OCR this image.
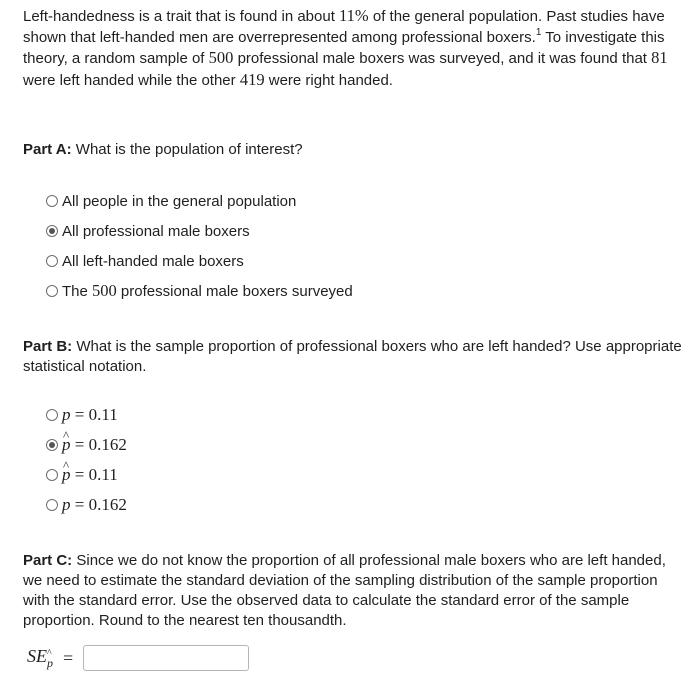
Left-handedness is a trait that is found in about 11% of the general population. Past studies have shown that left-handed men are overrepresented among professional boxers.$^1$ To investigate this theory, a random sample of 500 professional male boxers was surveyed, and it was found that 81 were left handed while the other 419 were right handed.

Part A: What is the population of interest?

All people in the general population
All professional male boxers
All left-handed male boxers
The 500 professional male boxers surveyed

Part B: What is the sample proportion of professional boxers who are left handed? Use appropriate statistical notation.

p = 0.11
^ p = 0.162
^ p = 0.11
p = 0.162

Part C: Since we do not know the proportion of all professional male boxers who are left handed, we need to estimate the standard deviation of the sampling distribution of the sample proportion with the standard error. Use the observed data to calculate the standard error of the sample proportion. Round to the nearest ten thousandth.

SE^ p =
